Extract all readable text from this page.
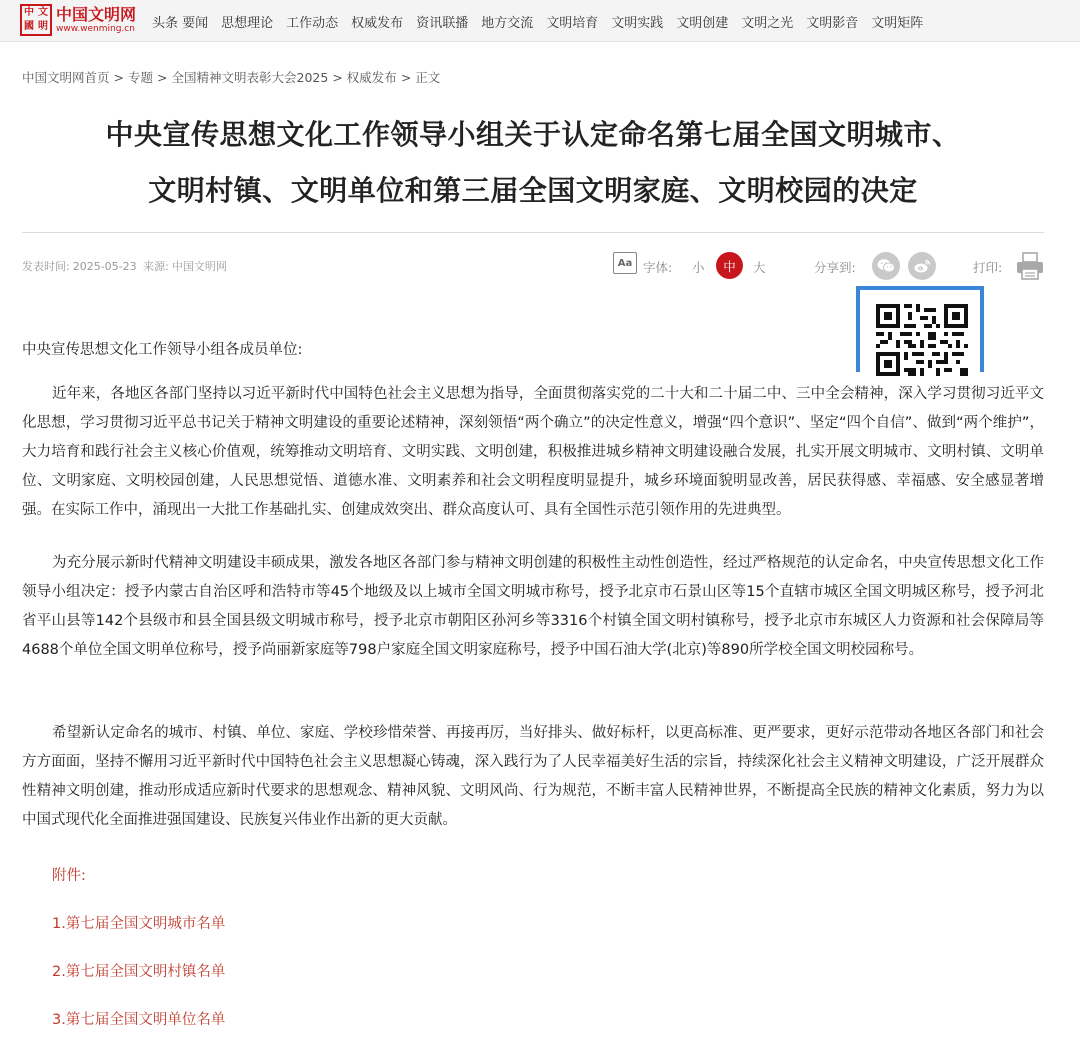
中 文
國 明
中国文明网
www.wenming.cn 头条 要闻 思想理论 工作动态 权威发布 资讯联播 地方交流 文明培育 文明实践 文明创建 文明之光 文明影音 文明矩阵
中国文明网首页 > 专题 > 全国精神文明表彰大会2025 > 权威发布 > 正文
中央宣传思想文化工作领导小组关于认定命名第七届全国文明城市、
文明村镇、文明单位和第三届全国文明家庭、文明校园的决定
发表时间: 2025-05-23 来源: 中国文明网	Aa 字体: 小 中 大	分享到:	打印:
中央宣传思想文化工作领导小组各成员单位:

近年来，各地区各部门坚持以习近平新时代中国特色社会主义思想为指导，全面贯彻落实党的二十大和二十届二中、三中全会精神，深入学习贯彻习近平文化思想，学习贯彻习近平总书记关于精神文明建设的重要论述精神，深刻领悟“两个确立”的决定性意义，增强“四个意识”、坚定“四个自信”、做到“两个维护”，大力培育和践行社会主义核心价值观，统筹推动文明培育、文明实践、文明创建，积极推进城乡精神文明建设融合发展，扎实开展文明城市、文明村镇、文明单位、文明家庭、文明校园创建，人民思想觉悟、道德水准、文明素养和社会文明程度明显提升，城乡环境面貌明显改善，居民获得感、幸福感、安全感显著增强。在实际工作中，涌现出一大批工作基础扎实、创建成效突出、群众高度认可、具有全国性示范引领作用的先进典型。

为充分展示新时代精神文明建设丰硕成果，激发各地区各部门参与精神文明创建的积极性主动性创造性，经过严格规范的认定命名，中央宣传思想文化工作领导小组决定：授予内蒙古自治区呼和浩特市等45个地级及以上城市全国文明城市称号，授予北京市石景山区等15个直辖市城区全国文明城区称号，授予河北省平山县等142个县级市和县全国县级文明城市称号，授予北京市朝阳区孙河乡等3316个村镇全国文明村镇称号，授予北京市东城区人力资源和社会保障局等4688个单位全国文明单位称号，授予尚丽新家庭等798户家庭全国文明家庭称号，授予中国石油大学(北京)等890所学校全国文明校园称号。

希望新认定命名的城市、村镇、单位、家庭、学校珍惜荣誉、再接再厉，当好排头、做好标杆，以更高标准、更严要求，更好示范带动各地区各部门和社会方方面面，坚持不懈用习近平新时代中国特色社会主义思想凝心铸魂，深入践行为了人民幸福美好生活的宗旨，持续深化社会主义精神文明建设，广泛开展群众性精神文明创建，推动形成适应新时代要求的思想观念、精神风貌、文明风尚、行为规范，不断丰富人民精神世界，不断提高全民族的精神文化素质，努力为以中国式现代化全面推进强国建设、民族复兴伟业作出新的更大贡献。

附件:
1.第七届全国文明城市名单
2.第七届全国文明村镇名单
3.第七届全国文明单位名单
